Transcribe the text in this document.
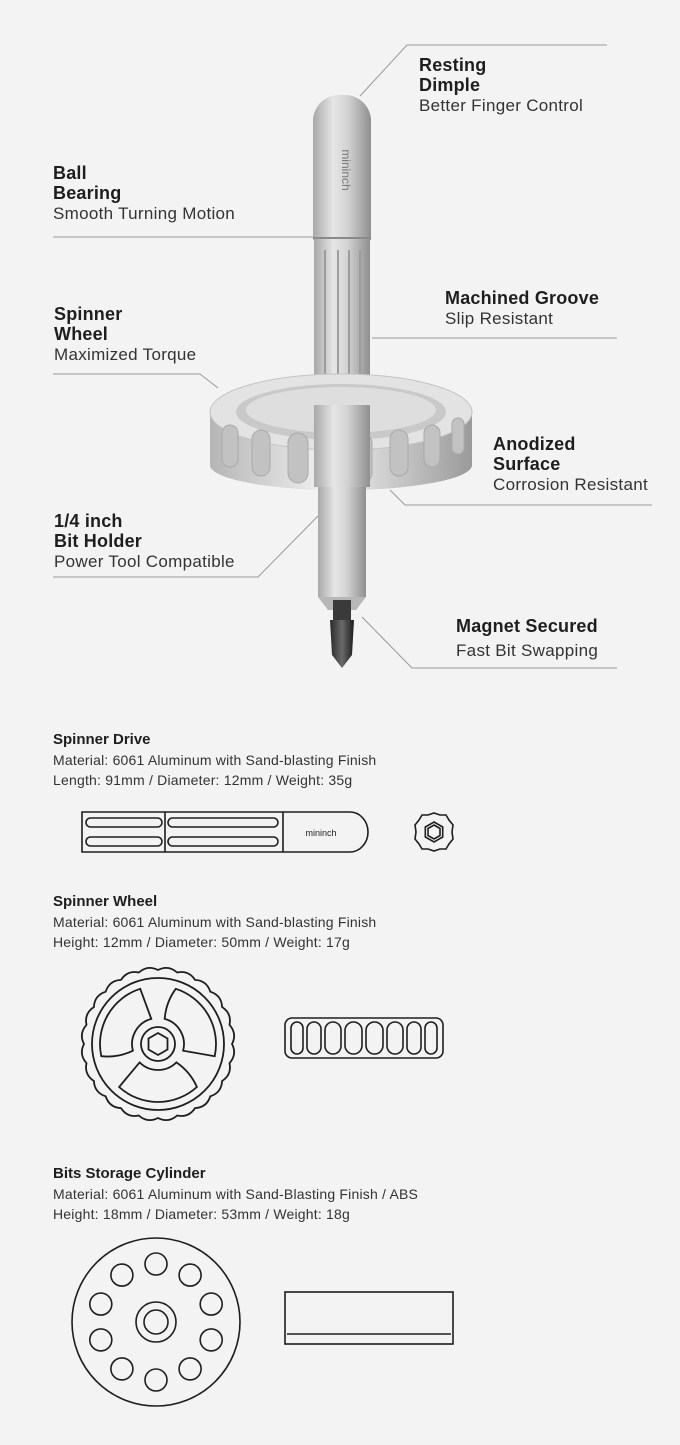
mininch
Resting
Dimple
Better Finger Control
Ball
Bearing
Smooth Turning Motion
Machined Groove
Slip Resistant
Spinner
Wheel
Maximized Torque
Anodized
Surface
Corrosion Resistant
1/4 inch
Bit Holder
Power Tool Compatible
Magnet Secured
Fast Bit Swapping
Spinner Drive
Material: 6061 Aluminum with Sand-blasting Finish
Length: 91mm / Diameter: 12mm / Weight: 35g
mininch
Spinner Wheel
Material: 6061 Aluminum with Sand-blasting Finish
Height: 12mm / Diameter: 50mm / Weight: 17g
Bits Storage Cylinder
Material: 6061 Aluminum with Sand-Blasting Finish / ABS
Height: 18mm / Diameter: 53mm / Weight: 18g
